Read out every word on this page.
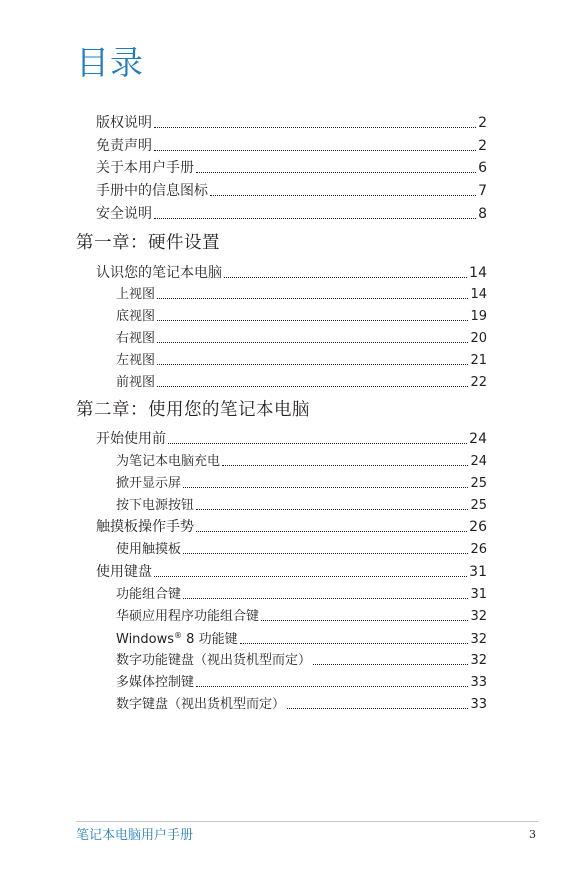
目录
版权说明	2
免责声明	2
关于本用户手册	6
手册中的信息图标	7
安全说明	8
第一章：硬件设置
认识您的笔记本电脑	14
上视图	14
底视图	19
右视图	20
左视图	21
前视图	22
第二章：使用您的笔记本电脑
开始使用前	24
为笔记本电脑充电	24
掀开显示屏	25
按下电源按钮	25
触摸板操作手势	26
使用触摸板	26
使用键盘	31
功能组合键	31
华硕应用程序功能组合键	32
Windows® 8 功能键	32
数字功能键盘（视出货机型而定）	32
多媒体控制键	33
数字键盘（视出货机型而定）	33
笔记本电脑用户手册	3
